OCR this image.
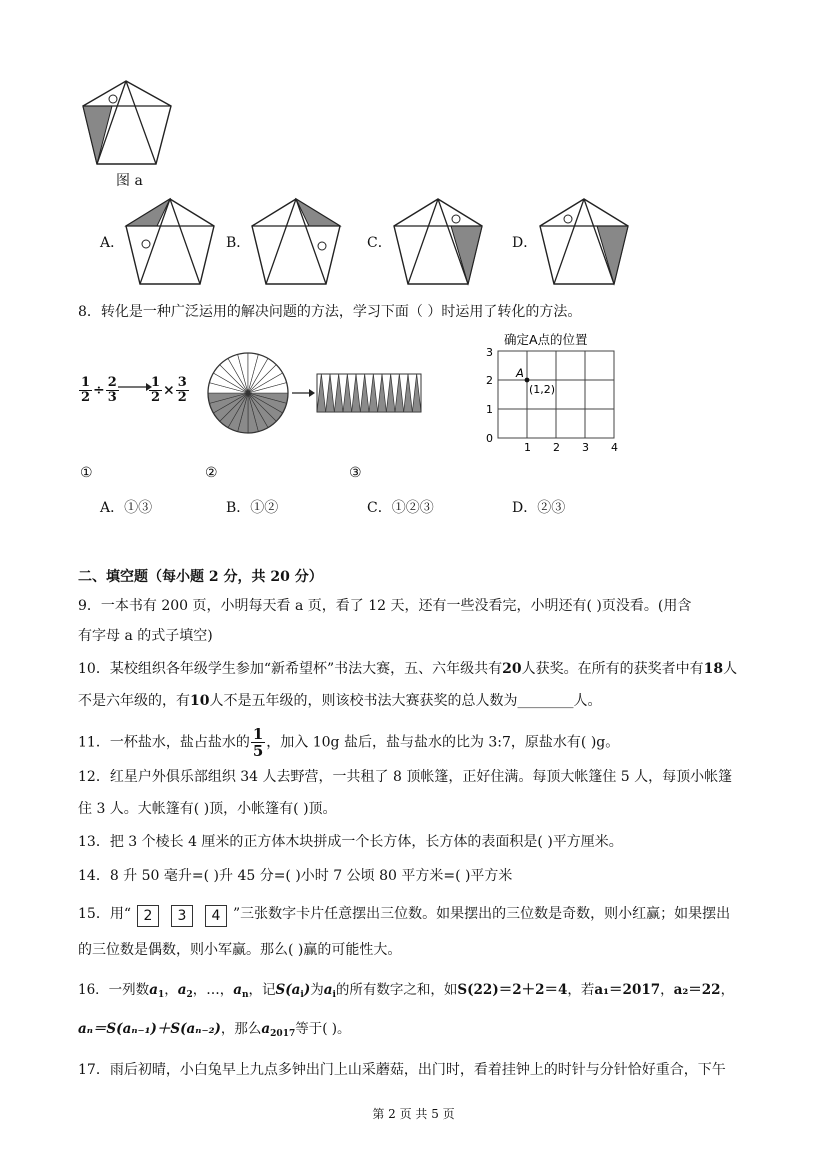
图 a
A．	B．	C．	D．
8．转化是一种广泛运用的解决问题的方法，学习下面（ ）时运用了转化的方法。
$\frac{1}{2} \div \frac{2}{3} \frac{1}{2} \times \frac{3}{2}$
确定A点的位置
3
2
1
0
1 2 3 4
A
(1,2)
①	②	③
A．①③	B．①②	C．①②③	D．②③
二、填空题（每小题 2 分，共 20 分）
9．一本书有 200 页，小明每天看 a 页，看了 12 天，还有一些没看完，小明还有( )页没看。(用含
有字母 a 的式子填空)
10．某校组织各年级学生参加“新希望杯”书法大赛，五、六年级共有20人获奖。在所有的获奖者中有18人
不是六年级的，有10人不是五年级的，则该校书法大赛获奖的总人数为________人。
11．一杯盐水，盐占盐水的 $\frac{1}{5}$ ，加入 10g 盐后，盐与盐水的比为 3:7，原盐水有( )g。
12．红星户外俱乐部组织 34 人去野营，一共租了 8 顶帐篷，正好住满。每顶大帐篷住 5 人，每顶小帐篷
住 3 人。大帐篷有( )顶，小帐篷有( )顶。
13．把 3 个棱长 4 厘米的正方体木块拼成一个长方体，长方体的表面积是( )平方厘米。
14．8 升 50 毫升=( )升 45 分=( )小时 7 公顷 80 平方米=( )平方米
15．用“ 2 3 4 ”三张数字卡片任意摆出三位数。如果摆出的三位数是奇数，则小红赢；如果摆出
的三位数是偶数，则小军赢。那么( )赢的可能性大。
16．一列数$a_1$，$a_2$，…，$a_n$，记$S(a_i)$为$a_i$的所有数字之和，如S(22)＝2＋2＝4，若a₁＝2017，a₂＝22，
aₙ＝S(aₙ₋₁)＋S(aₙ₋₂)，那么$a_{2017}$等于( )。
17．雨后初晴，小白兔早上九点多钟出门上山采蘑菇，出门时，看着挂钟上的时针与分针恰好重合，下午
第 2 页 共 5 页
